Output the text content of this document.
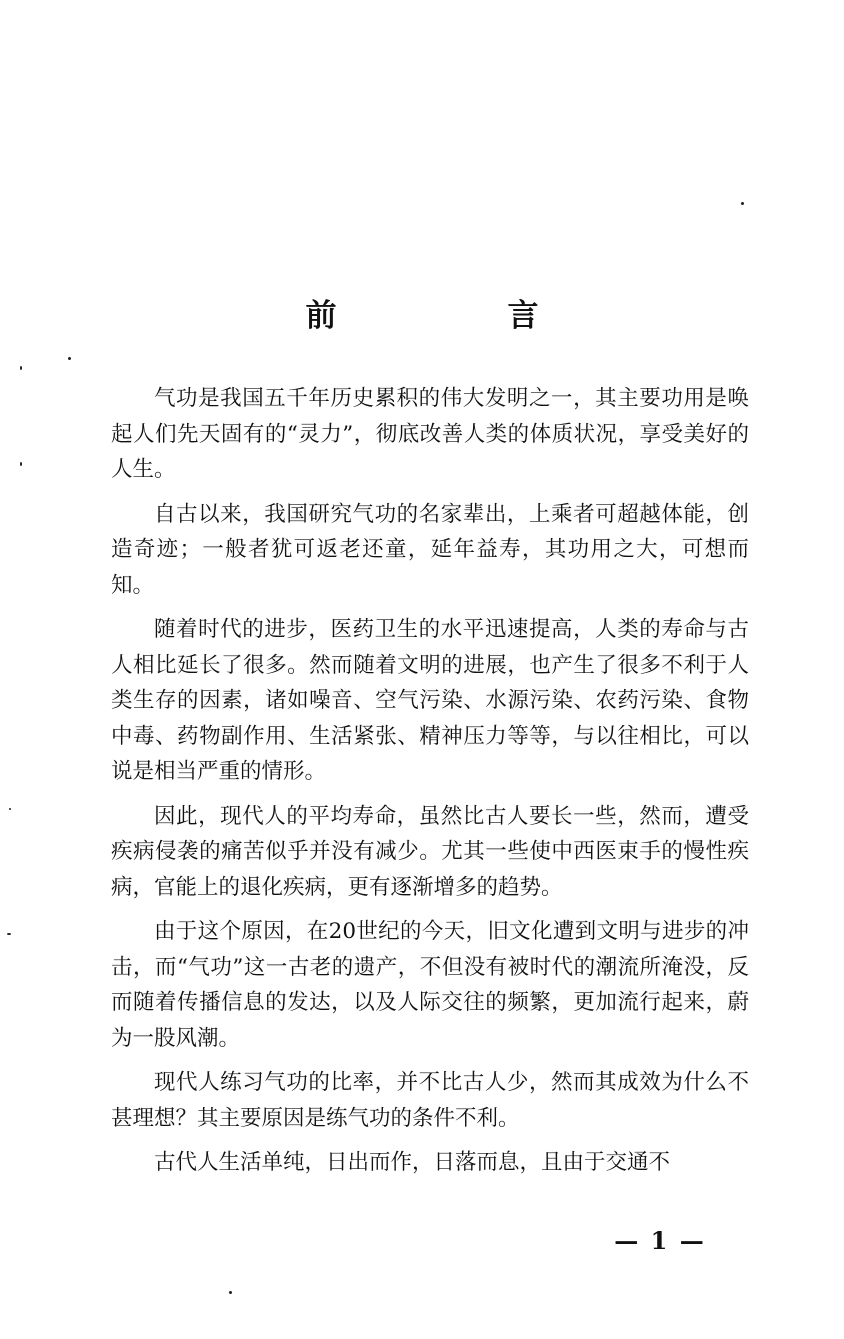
前　言

气功是我国五千年历史累积的伟大发明之一，其主要功用是唤起人们先天固有的“灵力”，彻底改善人类的体质状况，享受美好的人生。

自古以来，我国研究气功的名家辈出，上乘者可超越体能，创造奇迹；一般者犹可返老还童，延年益寿，其功用之大，可想而知。

随着时代的进步，医药卫生的水平迅速提高，人类的寿命与古人相比延长了很多。然而随着文明的进展，也产生了很多不利于人类生存的因素，诸如噪音、空气污染、水源污染、农药污染、食物中毒、药物副作用、生活紧张、精神压力等等，与以往相比，可以说是相当严重的情形。

因此，现代人的平均寿命，虽然比古人要长一些，然而，遭受疾病侵袭的痛苦似乎并没有减少。尤其一些使中西医束手的慢性疾病，官能上的退化疾病，更有逐渐增多的趋势。

由于这个原因，在20世纪的今天，旧文化遭到文明与进步的冲击，而“气功”这一古老的遗产，不但没有被时代的潮流所淹没，反而随着传播信息的发达，以及人际交往的频繁，更加流行起来，蔚为一股风潮。

现代人练习气功的比率，并不比古人少，然而其成效为什么不甚理想？其主要原因是练气功的条件不利。

古代人生活单纯，日出而作，日落而息，且由于交通不

— 1 —
